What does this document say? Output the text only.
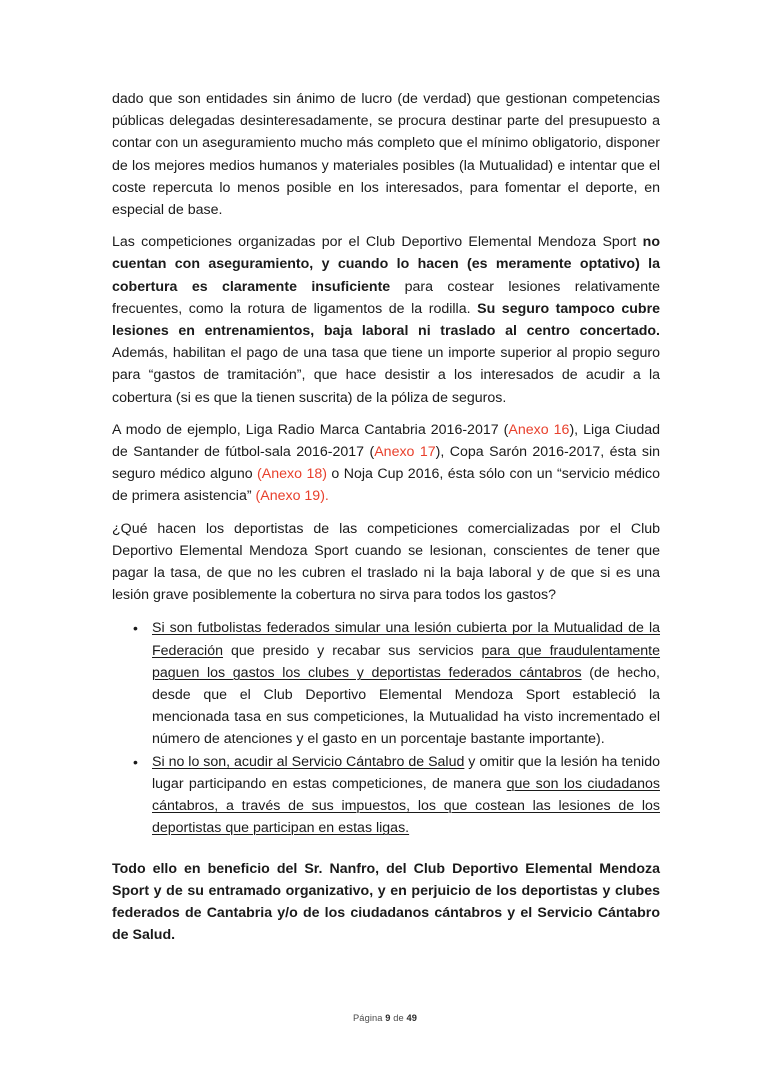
dado que son entidades sin ánimo de lucro (de verdad) que gestionan competencias públicas delegadas desinteresadamente, se procura destinar parte del presupuesto a contar con un aseguramiento mucho más completo que el mínimo obligatorio, disponer de los mejores medios humanos y materiales posibles (la Mutualidad) e intentar que el coste repercuta lo menos posible en los interesados, para fomentar el deporte, en especial de base.

Las competiciones organizadas por el Club Deportivo Elemental Mendoza Sport no cuentan con aseguramiento, y cuando lo hacen (es meramente optativo) la cobertura es claramente insuficiente para costear lesiones relativamente frecuentes, como la rotura de ligamentos de la rodilla. Su seguro tampoco cubre lesiones en entrenamientos, baja laboral ni traslado al centro concertado. Además, habilitan el pago de una tasa que tiene un importe superior al propio seguro para “gastos de tramitación”, que hace desistir a los interesados de acudir a la cobertura (si es que la tienen suscrita) de la póliza de seguros.

A modo de ejemplo, Liga Radio Marca Cantabria 2016-2017 (Anexo 16), Liga Ciudad de Santander de fútbol-sala 2016-2017 (Anexo 17), Copa Sarón 2016-2017, ésta sin seguro médico alguno (Anexo 18) o Noja Cup 2016, ésta sólo con un “servicio médico de primera asistencia” (Anexo 19).

¿Qué hacen los deportistas de las competiciones comercializadas por el Club Deportivo Elemental Mendoza Sport cuando se lesionan, conscientes de tener que pagar la tasa, de que no les cubren el traslado ni la baja laboral y de que si es una lesión grave posiblemente la cobertura no sirva para todos los gastos?

• Si son futbolistas federados simular una lesión cubierta por la Mutualidad de la Federación que presido y recabar sus servicios para que fraudulentamente paguen los gastos los clubes y deportistas federados cántabros (de hecho, desde que el Club Deportivo Elemental Mendoza Sport estableció la mencionada tasa en sus competiciones, la Mutualidad ha visto incrementado el número de atenciones y el gasto en un porcentaje bastante importante).
• Si no lo son, acudir al Servicio Cántabro de Salud y omitir que la lesión ha tenido lugar participando en estas competiciones, de manera que son los ciudadanos cántabros, a través de sus impuestos, los que costean las lesiones de los deportistas que participan en estas ligas.

Todo ello en beneficio del Sr. Nanfro, del Club Deportivo Elemental Mendoza Sport y de su entramado organizativo, y en perjuicio de los deportistas y clubes federados de Cantabria y/o de los ciudadanos cántabros y el Servicio Cántabro de Salud.

Página 9 de 49
